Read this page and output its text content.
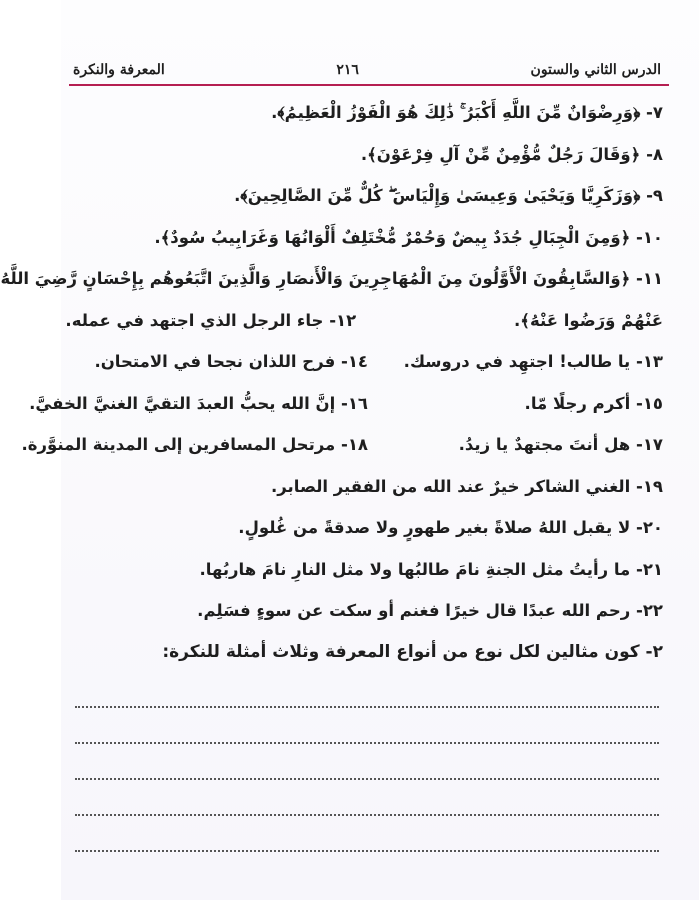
الدرس الثاني والستون
٢١٦
المعرفة والنكرة
٧- ﴿وَرِضْوَانٌ مِّنَ اللَّهِ أَكْبَرُ ۚ ذَٰلِكَ هُوَ الْفَوْزُ الْعَظِيمُ﴾.
٨- ﴿وَقَالَ رَجُلٌ مُّؤْمِنٌ مِّنْ آلِ فِرْعَوْنَ﴾.
٩- ﴿وَزَكَرِيَّا وَيَحْيَىٰ وَعِيسَىٰ وَإِلْيَاسَ ۖ كُلٌّ مِّنَ الصَّالِحِينَ﴾.
١٠- ﴿وَمِنَ الْجِبَالِ جُدَدٌ بِيضٌ وَحُمْرٌ مُّخْتَلِفٌ أَلْوَانُهَا وَغَرَابِيبُ سُودٌ﴾.
١١- ﴿وَالسَّابِقُونَ الْأَوَّلُونَ مِنَ الْمُهَاجِرِينَ وَالْأَنصَارِ وَالَّذِينَ اتَّبَعُوهُم بِإِحْسَانٍ رَّضِيَ اللَّهُ
عَنْهُمْ وَرَضُوا عَنْهُ﴾.
١٢- جاء الرجل الذي اجتهد في عمله.
١٣- يا طالب! اجتهِد في دروسك.
١٤- فرح اللذان نجحا في الامتحان.
١٥- أكرم رجلًا مّا.
١٦- إنَّ الله يحبُّ العبدَ التقيَّ الغنيَّ الخفيَّ.
١٧- هل أنتَ مجتهدٌ يا زيدُ.
١٨- مرتحل المسافرين إلى المدينة المنوَّرة.
١٩- الغني الشاكر خيرٌ عند الله من الفقير الصابر.
٢٠- لا يقبل اللهُ صلاةً بغير طهورٍ ولا صدقةً من غُلولٍ.
٢١- ما رأيتُ مثل الجنةِ نامَ طالبُها ولا مثل النارِ نامَ هاربُها.
٢٢- رحم الله عبدًا قال خيرًا فغنم أو سكت عن سوءٍ فسَلِم.
٢- كون مثالين لكل نوع من أنواع المعرفة وثلاث أمثلة للنكرة:
